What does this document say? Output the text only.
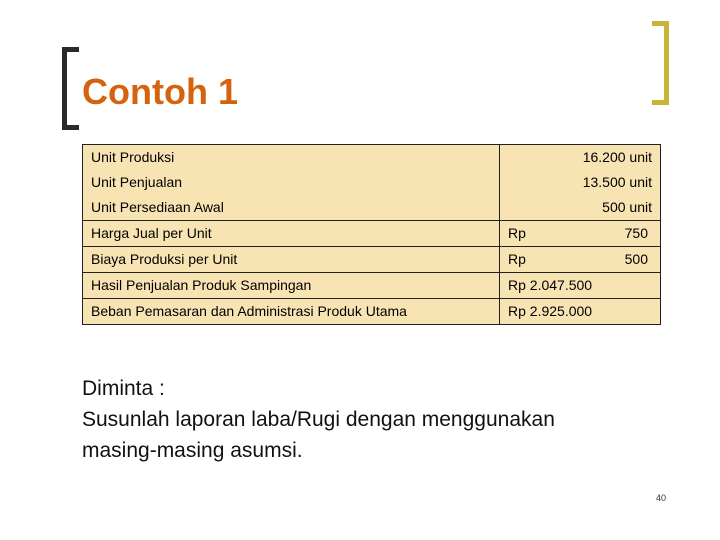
Contoh 1
Unit Produksi	16.200 unit
Unit Penjualan	13.500 unit
Unit Persediaan Awal	500 unit
Harga Jual per Unit	Rp 750

Biaya Produksi per Unit	Rp 500

Hasil Penjualan Produk Sampingan	Rp 2.047.500
Beban Pemasaran dan Administrasi Produk Utama	Rp 2.925.000
Diminta :
Susunlah laporan laba/Rugi dengan menggunakan
masing-masing asumsi.
40
